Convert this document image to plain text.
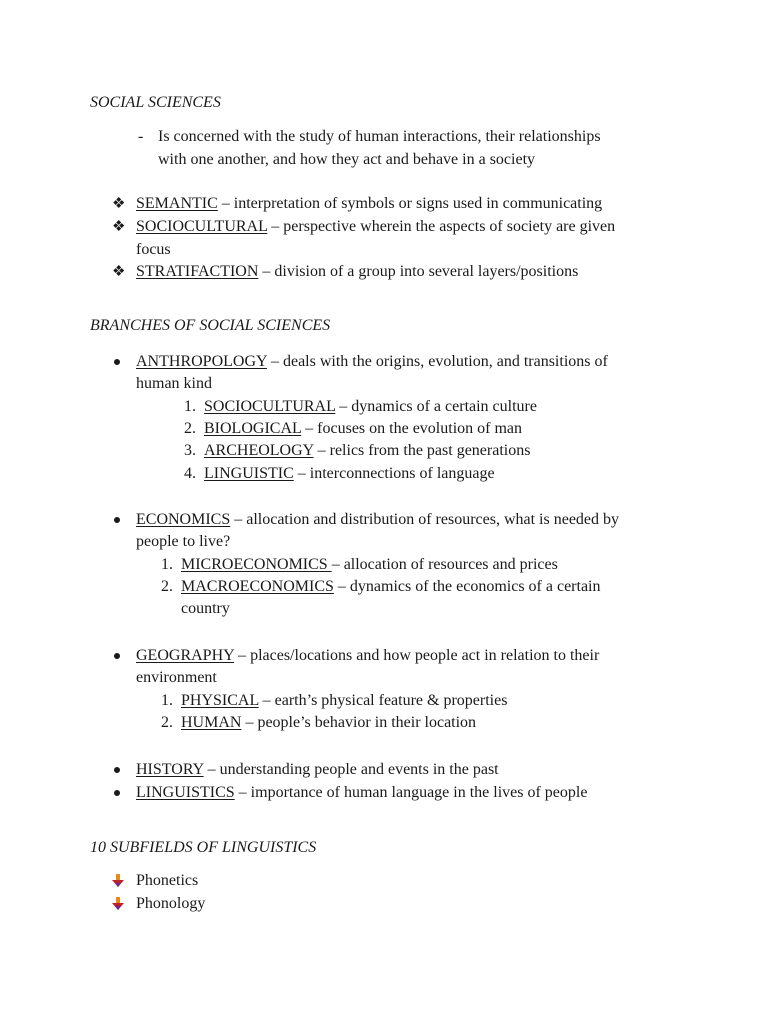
SOCIAL SCIENCES
- Is concerned with the study of human interactions, their relationships
with one another, and how they act and behave in a society
❖ SEMANTIC – interpretation of symbols or signs used in communicating
❖ SOCIOCULTURAL – perspective wherein the aspects of society are given
focus
❖ STRATIFACTION – division of a group into several layers/positions
BRANCHES OF SOCIAL SCIENCES
ANTHROPOLOGY – deals with the origins, evolution, and transitions of
human kind
1. SOCIOCULTURAL – dynamics of a certain culture
2. BIOLOGICAL – focuses on the evolution of man
3. ARCHEOLOGY – relics from the past generations
4. LINGUISTIC – interconnections of language
ECONOMICS – allocation and distribution of resources, what is needed by
people to live?
1. MICROECONOMICS – allocation of resources and prices
2. MACROECONOMICS – dynamics of the economics of a certain
country
GEOGRAPHY – places/locations and how people act in relation to their
environment
1. PHYSICAL – earth’s physical feature & properties
2. HUMAN – people’s behavior in their location
HISTORY – understanding people and events in the past
LINGUISTICS – importance of human language in the lives of people
10 SUBFIELDS OF LINGUISTICS
Phonetics
Phonology
